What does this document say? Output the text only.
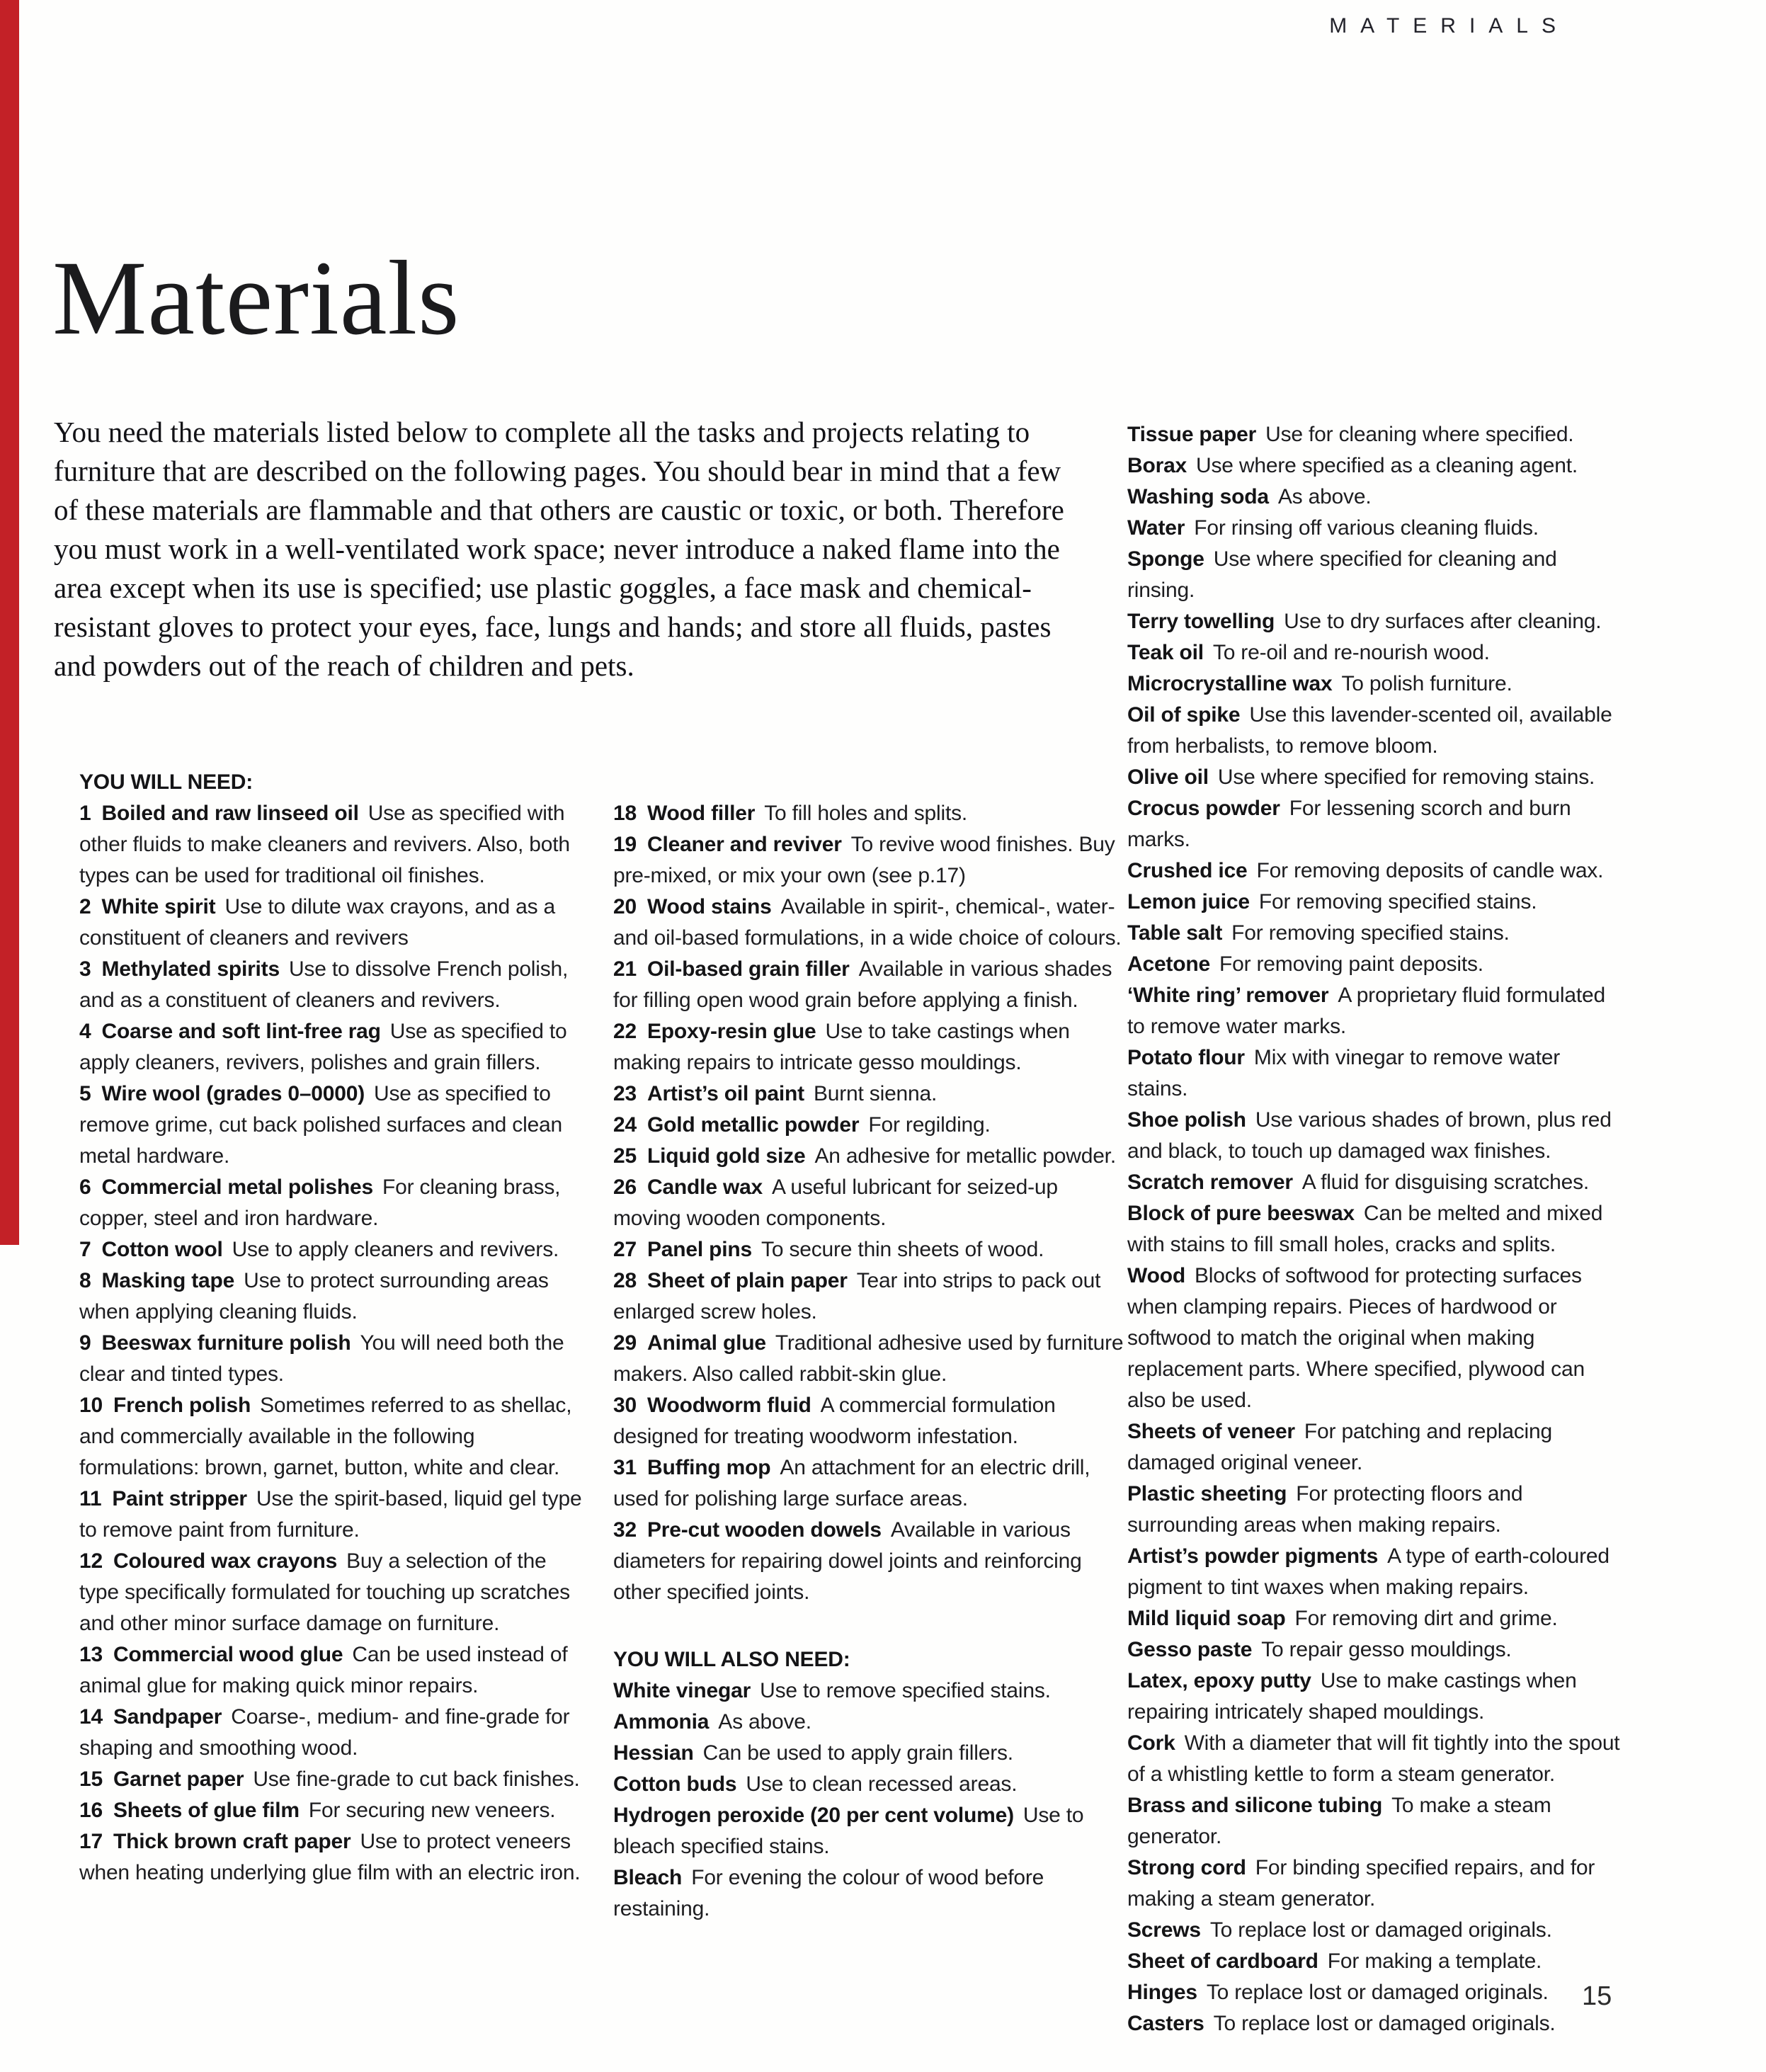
MATERIALS
Materials

You need the materials listed below to complete all the tasks and projects relating to furniture that are described on the following pages. You should bear in mind that a few of these materials are flammable and that others are caustic or toxic, or both. Therefore you must work in a well-ventilated work space; never introduce a naked flame into the area except when its use is specified; use plastic goggles, a face mask and chemical-resistant gloves to protect your eyes, face, lungs and hands; and store all fluids, pastes and powders out of the reach of children and pets.

YOU WILL NEED:

1 Boiled and raw linseed oil Use as specified with other fluids to make cleaners and revivers. Also, both types can be used for traditional oil finishes.

2 White spirit Use to dilute wax crayons, and as a constituent of cleaners and revivers

3 Methylated spirits Use to dissolve French polish, and as a constituent of cleaners and revivers.

4 Coarse and soft lint-free rag Use as specified to apply cleaners, revivers, polishes and grain fillers.

5 Wire wool (grades 0–0000) Use as specified to remove grime, cut back polished surfaces and clean metal hardware.

6 Commercial metal polishes For cleaning brass, copper, steel and iron hardware.

7 Cotton wool Use to apply cleaners and revivers.

8 Masking tape Use to protect surrounding areas when applying cleaning fluids.

9 Beeswax furniture polish You will need both the clear and tinted types.

10 French polish Sometimes referred to as shellac, and commercially available in the following formulations: brown, garnet, button, white and clear.

11 Paint stripper Use the spirit-based, liquid gel type to remove paint from furniture.

12 Coloured wax crayons Buy a selection of the type specifically formulated for touching up scratches and other minor surface damage on furniture.

13 Commercial wood glue Can be used instead of animal glue for making quick minor repairs.

14 Sandpaper Coarse-, medium- and fine-grade for shaping and smoothing wood.

15 Garnet paper Use fine-grade to cut back finishes.

16 Sheets of glue film For securing new veneers.

17 Thick brown craft paper Use to protect veneers when heating underlying glue film with an electric iron.

18 Wood filler To fill holes and splits.

19 Cleaner and reviver To revive wood finishes. Buy pre-mixed, or mix your own (see p.17)

20 Wood stains Available in spirit-, chemical-, water- and oil-based formulations, in a wide choice of colours.

21 Oil-based grain filler Available in various shades for filling open wood grain before applying a finish.

22 Epoxy-resin glue Use to take castings when making repairs to intricate gesso mouldings.

23 Artist’s oil paint Burnt sienna.

24 Gold metallic powder For regilding.

25 Liquid gold size An adhesive for metallic powder.

26 Candle wax A useful lubricant for seized-up moving wooden components.

27 Panel pins To secure thin sheets of wood.

28 Sheet of plain paper Tear into strips to pack out enlarged screw holes.

29 Animal glue Traditional adhesive used by furniture makers. Also called rabbit-skin glue.

30 Woodworm fluid A commercial formulation designed for treating woodworm infestation.

31 Buffing mop An attachment for an electric drill, used for polishing large surface areas.

32 Pre-cut wooden dowels Available in various diameters for repairing dowel joints and reinforcing other specified joints.

YOU WILL ALSO NEED:

White vinegar Use to remove specified stains.

Ammonia As above.

Hessian Can be used to apply grain fillers.

Cotton buds Use to clean recessed areas.

Hydrogen peroxide (20 per cent volume) Use to bleach specified stains.

Bleach For evening the colour of wood before restaining.

Tissue paper Use for cleaning where specified.

Borax Use where specified as a cleaning agent.

Washing soda As above.

Water For rinsing off various cleaning fluids.

Sponge Use where specified for cleaning and rinsing.

Terry towelling Use to dry surfaces after cleaning.

Teak oil To re-oil and re-nourish wood.

Microcrystalline wax To polish furniture.

Oil of spike Use this lavender-scented oil, available from herbalists, to remove bloom.

Olive oil Use where specified for removing stains.

Crocus powder For lessening scorch and burn marks.

Crushed ice For removing deposits of candle wax.

Lemon juice For removing specified stains.

Table salt For removing specified stains.

Acetone For removing paint deposits.

‘White ring’ remover A proprietary fluid formulated to remove water marks.

Potato flour Mix with vinegar to remove water stains.

Shoe polish Use various shades of brown, plus red and black, to touch up damaged wax finishes.

Scratch remover A fluid for disguising scratches.

Block of pure beeswax Can be melted and mixed with stains to fill small holes, cracks and splits.

Wood Blocks of softwood for protecting surfaces when clamping repairs. Pieces of hardwood or softwood to match the original when making replacement parts. Where specified, plywood can also be used.

Sheets of veneer For patching and replacing damaged original veneer.

Plastic sheeting For protecting floors and surrounding areas when making repairs.

Artist’s powder pigments A type of earth-coloured pigment to tint waxes when making repairs.

Mild liquid soap For removing dirt and grime.

Gesso paste To repair gesso mouldings.

Latex, epoxy putty Use to make castings when repairing intricately shaped mouldings.

Cork With a diameter that will fit tightly into the spout of a whistling kettle to form a steam generator.

Brass and silicone tubing To make a steam generator.

Strong cord For binding specified repairs, and for making a steam generator.

Screws To replace lost or damaged originals.

Sheet of cardboard For making a template.

Hinges To replace lost or damaged originals.

Casters To replace lost or damaged originals.

15
